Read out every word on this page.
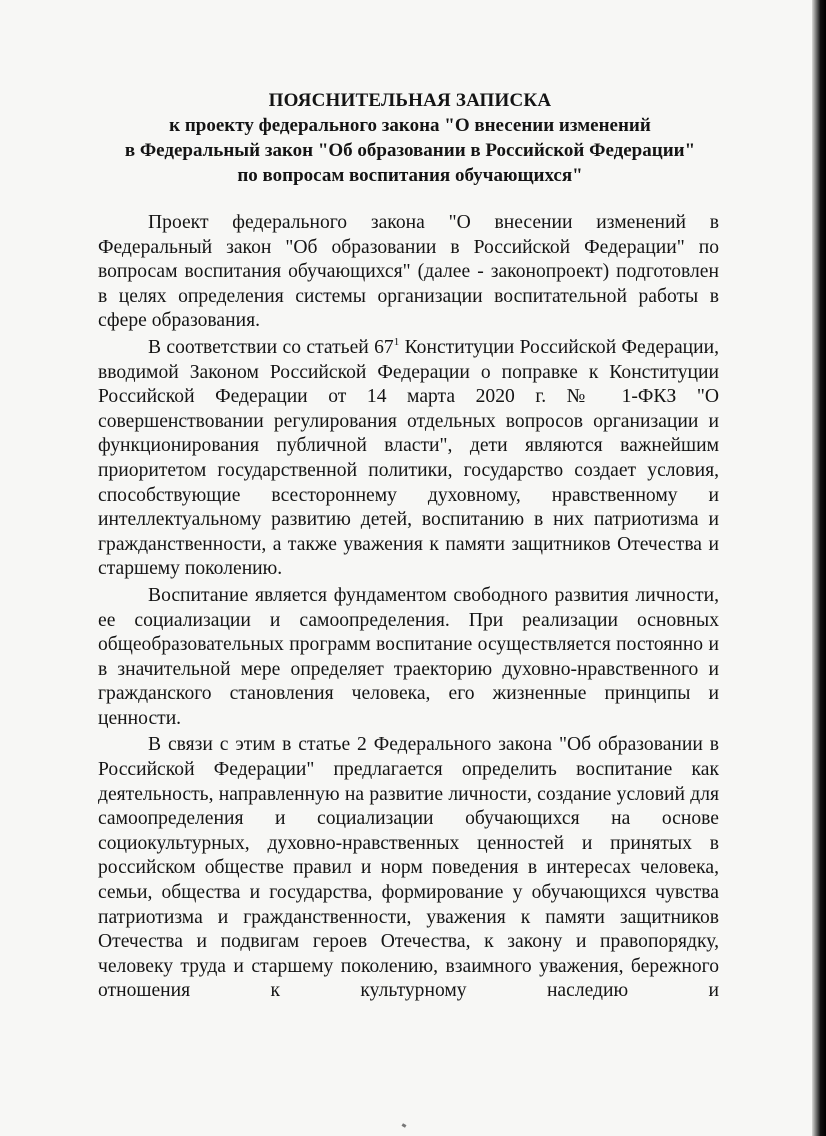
ПОЯСНИТЕЛЬНАЯ ЗАПИСКА
к проекту федерального закона "О внесении изменений
в Федеральный закон "Об образовании в Российской Федерации"
по вопросам воспитания обучающихся"

Проект федерального закона "О внесении изменений в Федеральный закон "Об образовании в Российской Федерации" по вопросам воспитания обучающихся" (далее - законопроект) подготовлен в целях определения системы организации воспитательной работы в сфере образования.

В соответствии со статьей $67^1$ Конституции Российской Федерации, вводимой Законом Российской Федерации о поправке к Конституции Российской Федерации от 14 марта 2020 г. № 1-ФКЗ "О совершенствовании регулирования отдельных вопросов организации и функционирования публичной власти", дети являются важнейшим приоритетом государственной политики, государство создает условия, способствующие всестороннему духовному, нравственному и интеллектуальному развитию детей, воспитанию в них патриотизма и гражданственности, а также уважения к памяти защитников Отечества и старшему поколению.

Воспитание является фундаментом свободного развития личности, ее социализации и самоопределения. При реализации основных общеобразовательных программ воспитание осуществляется постоянно и в значительной мере определяет траекторию духовно-нравственного и гражданского становления человека, его жизненные принципы и ценности.

В связи с этим в статье 2 Федерального закона "Об образовании в Российской Федерации" предлагается определить воспитание как деятельность, направленную на развитие личности, создание условий для самоопределения и социализации обучающихся на основе социокультурных, духовно-нравственных ценностей и принятых в российском обществе правил и норм поведения в интересах человека, семьи, общества и государства, формирование у обучающихся чувства патриотизма и гражданственности, уважения к памяти защитников Отечества и подвигам героев Отечества, к закону и правопорядку, человеку труда и старшему поколению, взаимного уважения, бережного отношения к культурному наследию и
